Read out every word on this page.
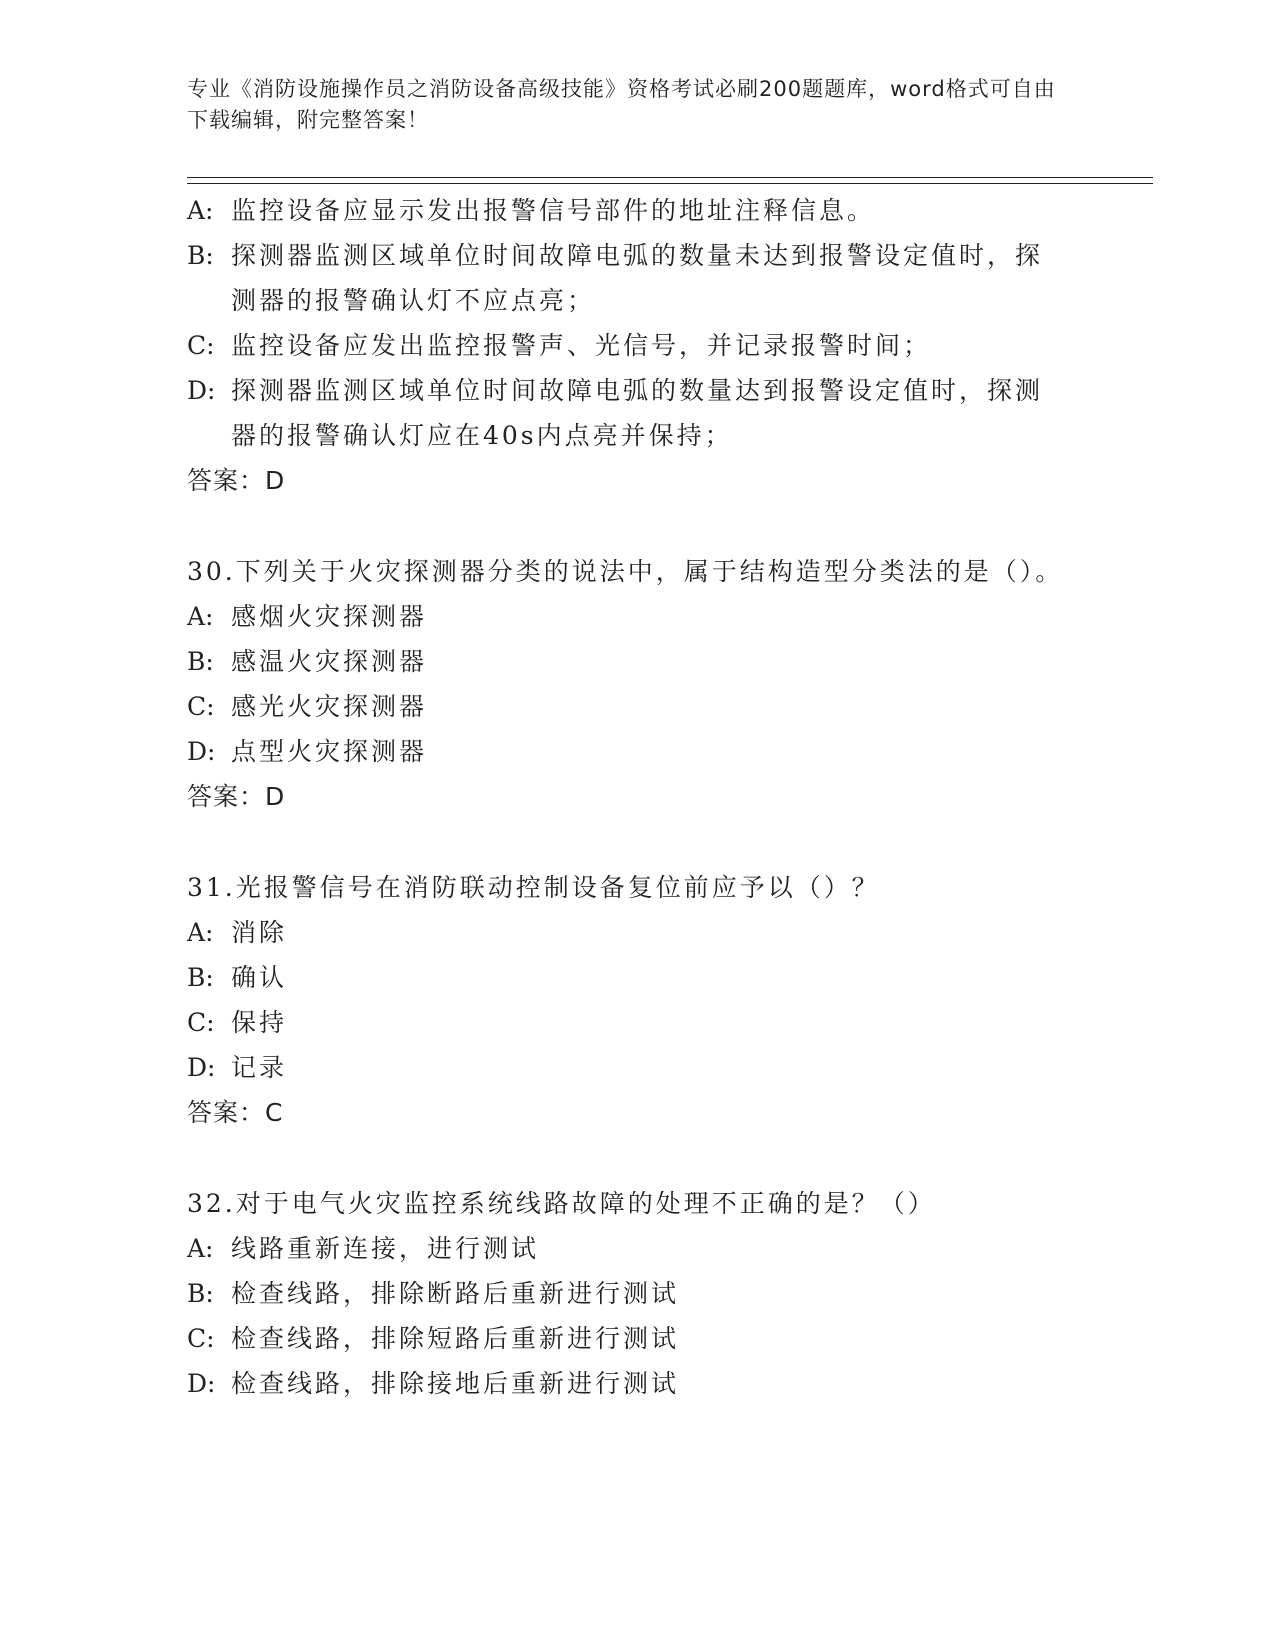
专业《消防设施操作员之消防设备高级技能》资格考试必刷200题题库，word格式可自由下载编辑，附完整答案！
A: 监控设备应显示发出报警信号部件的地址注释信息。
B: 探测器监测区域单位时间故障电弧的数量未达到报警设定值时，探测器的报警确认灯不应点亮；
C: 监控设备应发出监控报警声、光信号，并记录报警时间；
D: 探测器监测区域单位时间故障电弧的数量达到报警设定值时，探测器的报警确认灯应在40s内点亮并保持；
答案：D
30.下列关于火灾探测器分类的说法中，属于结构造型分类法的是（）。
A: 感烟火灾探测器
B: 感温火灾探测器
C: 感光火灾探测器
D: 点型火灾探测器
答案：D
31.光报警信号在消防联动控制设备复位前应予以（）？
A: 消除
B: 确认
C: 保持
D: 记录
答案：C
32.对于电气火灾监控系统线路故障的处理不正确的是？（）
A: 线路重新连接，进行测试
B: 检查线路，排除断路后重新进行测试
C: 检查线路，排除短路后重新进行测试
D: 检查线路，排除接地后重新进行测试
